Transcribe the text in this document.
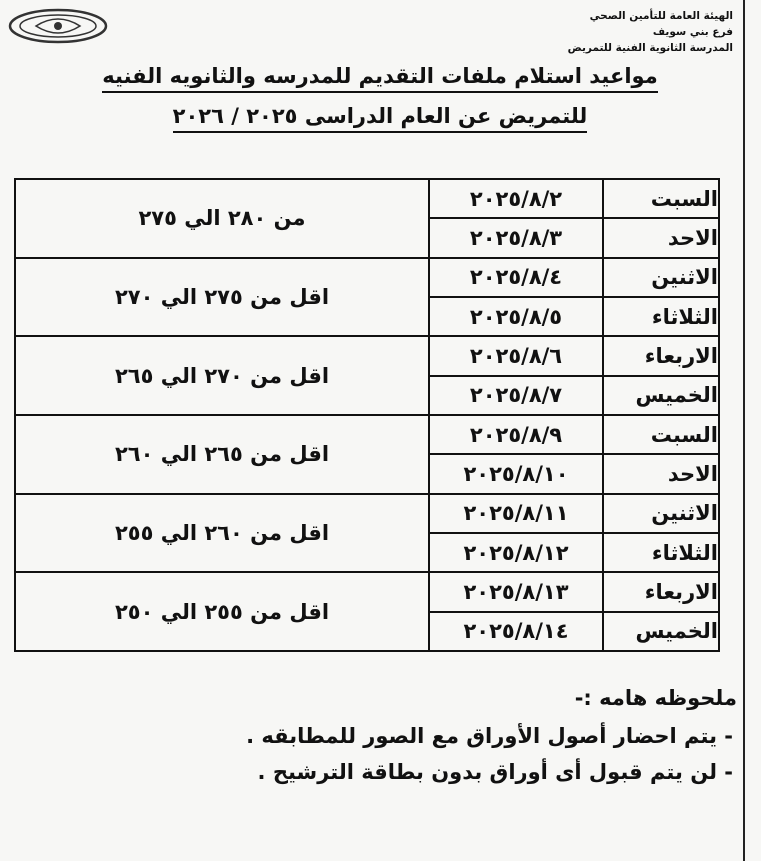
الهيئة العامة للتأمين الصحي
فرع بني سويف
المدرسة الثانوية الفنية للتمريض
مواعيد استلام ملفات التقديم للمدرسه والثانويه الفنيه
للتمريض عن العام الدراسى ٢٠٢٥ / ٢٠٢٦
السبت	٢٠٢٥/٨/٢	من ٢٨٠ الي ٢٧٥
الاحد	٢٠٢٥/٨/٣	
الاثنين	٢٠٢٥/٨/٤	اقل من ٢٧٥ الي ٢٧٠
الثلاثاء	٢٠٢٥/٨/٥	
الاربعاء	٢٠٢٥/٨/٦	اقل من ٢٧٠ الي ٢٦٥
الخميس	٢٠٢٥/٨/٧	
السبت	٢٠٢٥/٨/٩	اقل من ٢٦٥ الي ٢٦٠
الاحد	٢٠٢٥/٨/١٠	
الاثنين	٢٠٢٥/٨/١١	اقل من ٢٦٠ الي ٢٥٥
الثلاثاء	٢٠٢٥/٨/١٢	
الاربعاء	٢٠٢٥/٨/١٣	اقل من ٢٥٥ الي ٢٥٠
الخميس	٢٠٢٥/٨/١٤	
ملحوظه هامه :-
- يتم احضار أصول الأوراق مع الصور للمطابقه .
- لن يتم قبول أى أوراق بدون بطاقة الترشيح .
